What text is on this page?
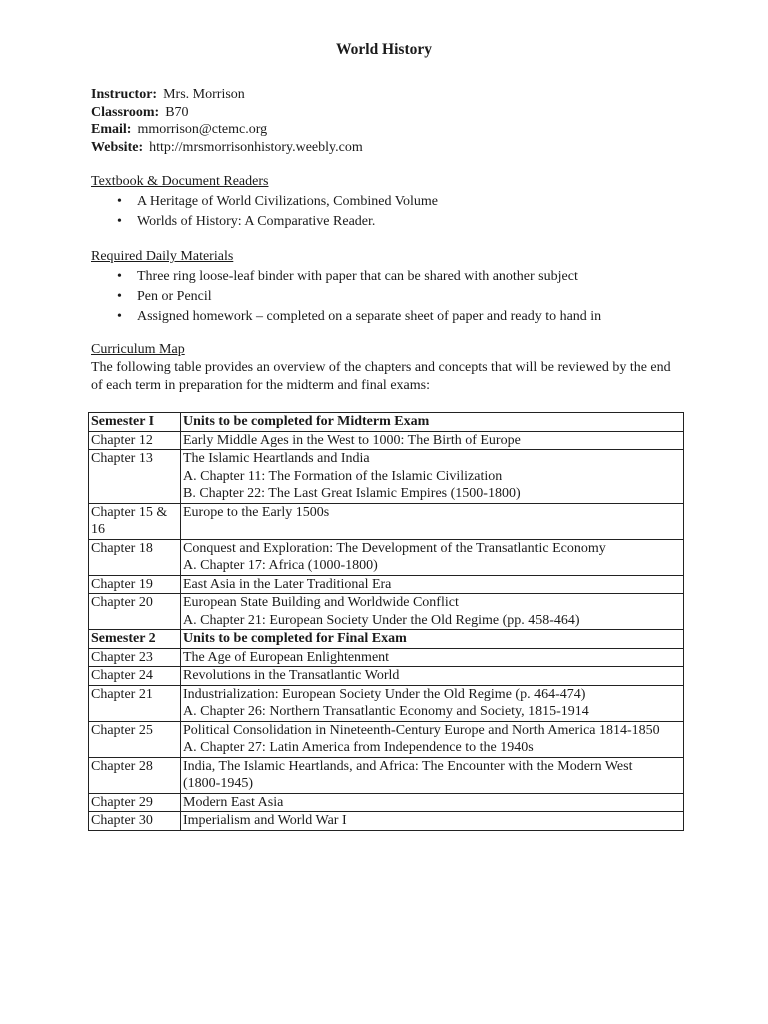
World History
Instructor: Mrs. Morrison
Classroom: B70
Email: mmorrison@ctemc.org
Website: http://mrsmorrisonhistory.weebly.com
Textbook & Document Readers
• A Heritage of World Civilizations, Combined Volume
• Worlds of History: A Comparative Reader.
Required Daily Materials
• Three ring loose-leaf binder with paper that can be shared with another subject
• Pen or Pencil
• Assigned homework – completed on a separate sheet of paper and ready to hand in
Curriculum Map
The following table provides an overview of the chapters and concepts that will be reviewed by the end of each term in preparation for the midterm and final exams:
Semester I	Units to be completed for Midterm Exam

Chapter 12	Early Middle Ages in the West to 1000: The Birth of Europe

Chapter 13	The Islamic Heartlands and India
A. Chapter 11: The Formation of the Islamic Civilization
B. Chapter 22: The Last Great Islamic Empires (1500-1800)

Chapter 15 & 16	Europe to the Early 1500s

Chapter 18	Conquest and Exploration: The Development of the Transatlantic Economy
A. Chapter 17: Africa (1000-1800)

Chapter 19	East Asia in the Later Traditional Era

Chapter 20	European State Building and Worldwide Conflict
A. Chapter 21: European Society Under the Old Regime (pp. 458-464)

Semester 2	Units to be completed for Final Exam

Chapter 23	The Age of European Enlightenment

Chapter 24	Revolutions in the Transatlantic World

Chapter 21	Industrialization: European Society Under the Old Regime (p. 464-474)
A. Chapter 26: Northern Transatlantic Economy and Society, 1815-1914

Chapter 25	Political Consolidation in Nineteenth-Century Europe and North America 1814-1850
A. Chapter 27: Latin America from Independence to the 1940s

Chapter 28	India, The Islamic Heartlands, and Africa: The Encounter with the Modern West
(1800-1945)

Chapter 29	Modern East Asia

Chapter 30	Imperialism and World War I
